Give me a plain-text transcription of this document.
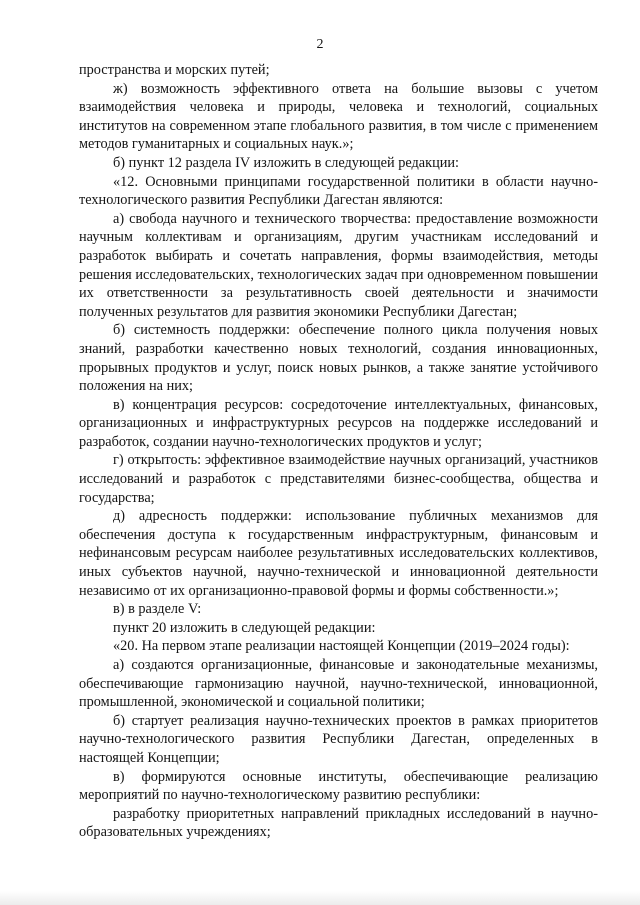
2

пространства и морских путей;

ж) возможность эффективного ответа на большие вызовы с учетом взаимодействия человека и природы, человека и технологий, социальных институтов на современном этапе глобального развития, в том числе с применением методов гуманитарных и социальных наук.»;

б) пункт 12 раздела IV изложить в следующей редакции:

«12. Основными принципами государственной политики в области научно-технологического развития Республики Дагестан являются:

а) свобода научного и технического творчества: предоставление возможности научным коллективам и организациям, другим участникам исследований и разработок выбирать и сочетать направления, формы взаимодействия, методы решения исследовательских, технологических задач при одновременном повышении их ответственности за результативность своей деятельности и значимости полученных результатов для развития экономики Республики Дагестан;

б) системность поддержки: обеспечение полного цикла получения новых знаний, разработки качественно новых технологий, создания инновационных, прорывных продуктов и услуг, поиск новых рынков, а также занятие устойчивого положения на них;

в) концентрация ресурсов: сосредоточение интеллектуальных, финансовых, организационных и инфраструктурных ресурсов на поддержке исследований и разработок, создании научно-технологических продуктов и услуг;

г) открытость: эффективное взаимодействие научных организаций, участников исследований и разработок с представителями бизнес-сообщества, общества и государства;

д) адресность поддержки: использование публичных механизмов для обеспечения доступа к государственным инфраструктурным, финансовым и нефинансовым ресурсам наиболее результативных исследовательских коллективов, иных субъектов научной, научно-технической и инновационной деятельности независимо от их организационно-правовой формы и формы собственности.»;

в) в разделе V:

пункт 20 изложить в следующей редакции:

«20. На первом этапе реализации настоящей Концепции (2019–2024 годы):

а) создаются организационные, финансовые и законодательные механизмы, обеспечивающие гармонизацию научной, научно-технической, инновационной, промышленной, экономической и социальной политики;

б) стартует реализация научно-технических проектов в рамках приоритетов научно-технологического развития Республики Дагестан, определенных в настоящей Концепции;

в) формируются основные институты, обеспечивающие реализацию мероприятий по научно-технологическому развитию республики:

разработку приоритетных направлений прикладных исследований в научно-образовательных учреждениях;
